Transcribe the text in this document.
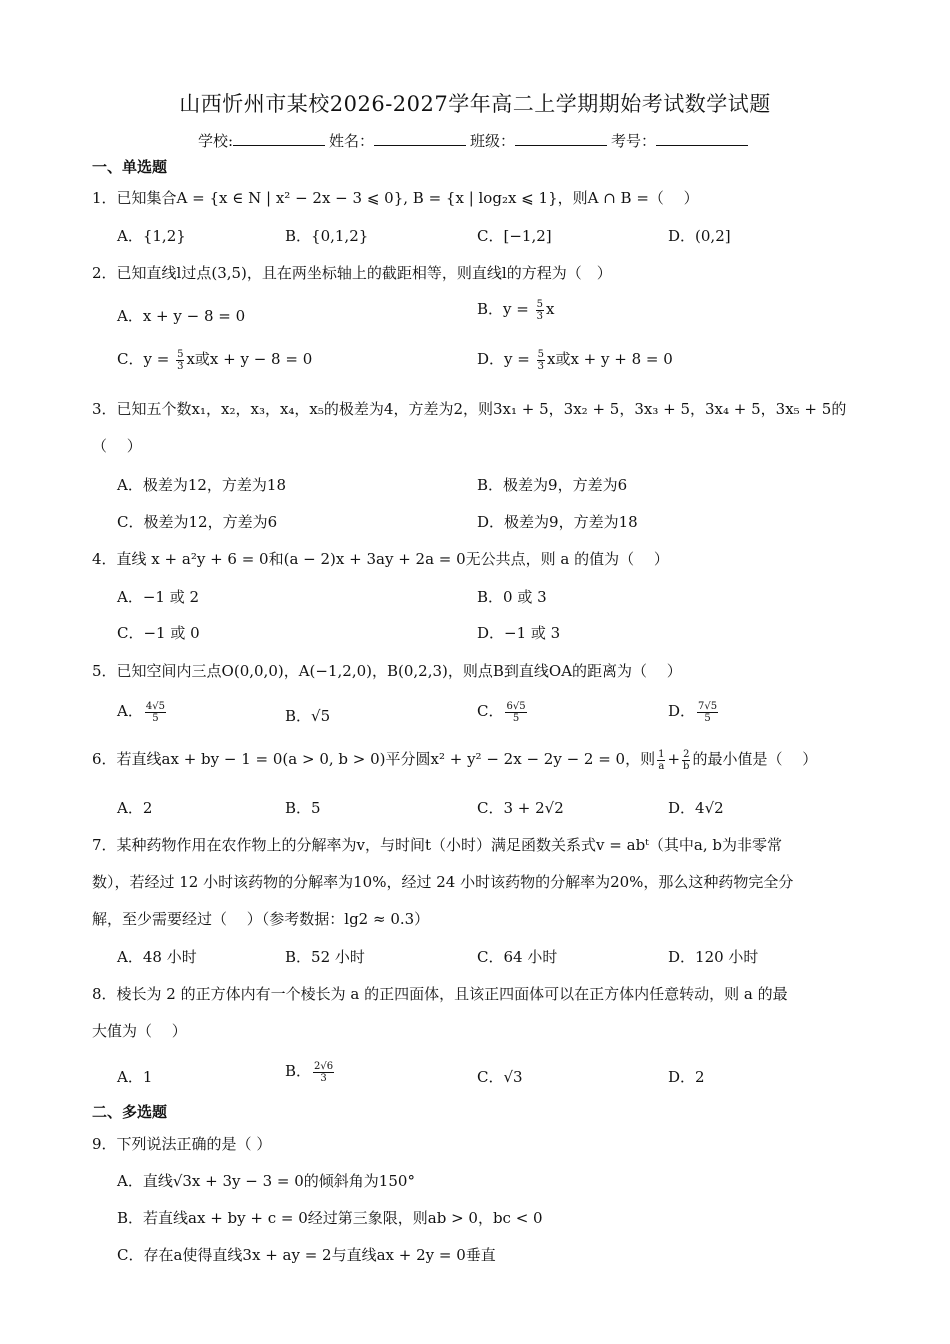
山西忻州市某校2026-2027学年高二上学期期始考试数学试题
学校:	姓名：	班级：	考号：
一、单选题
1．已知集合A = {x ∈ N | x² − 2x − 3 ⩽ 0}, B = {x | log₂x ⩽ 1}，则A ∩ B =（　 ）
A．{1,2}	B．{0,1,2}	C．[−1,2]	D．(0,2]
2．已知直线l过点(3,5)，且在两坐标轴上的截距相等，则直线l的方程为（　）
A．x + y − 8 = 0	B．$y = \frac{5}{3}$ x
C．$y = \frac{5}{3}$ x或x + y − 8 = 0	D．$y = \frac{5}{3}$ x或x + y + 8 = 0
3．已知五个数x₁，x₂，x₃，x₄，x₅的极差为4，方差为2，则3x₁ + 5，3x₂ + 5，3x₃ + 5，3x₄ + 5，3x₅ + 5的
（　 ）
A．极差为12，方差为18	B．极差为9，方差为6
C．极差为12，方差为6	D．极差为9，方差为18
4．直线 x + a²y + 6 = 0和(a − 2)x + 3ay + 2a = 0无公共点，则 a 的值为（　 ）
A．−1 或 2	B．0 或 3
C．−1 或 0	D．−1 或 3
5．已知空间内三点O(0,0,0)，A(−1,2,0)，B(0,2,3)，则点B到直线OA的距离为（　 ）
A． $\frac{4√5}{5}$	B．√5	C． $\frac{6√5}{5}$	D． $\frac{7√5}{5}$
6．若直线ax + by − 1 = 0(a > 0, b > 0)平分圆x² + y² − 2x − 2y − 2 = 0，则 $\frac{1}{a} + \frac{2}{b}$ 的最小值是（　 ）
A．2	B．5	C．3 + 2√2	D．4√2
7．某种药物作用在农作物上的分解率为v，与时间t（小时）满足函数关系式v = abᵗ（其中a, b为非零常
数），若经过 12 小时该药物的分解率为10%，经过 24 小时该药物的分解率为20%，那么这种药物完全分
解，至少需要经过（　 ）（参考数据：lg2 ≈ 0.3）
A．48 小时	B．52 小时	C．64 小时	D．120 小时
8．棱长为 2 的正方体内有一个棱长为 a 的正四面体，且该正四面体可以在正方体内任意转动，则 a 的最
大值为（　 ）
A．1	B． $\frac{2√6}{3}$	C．√3	D．2
二、多选题
9．下列说法正确的是（ ）
A．直线√3x + 3y − 3 = 0的倾斜角为150°
B．若直线ax + by + c = 0经过第三象限，则ab > 0，bc < 0
C．存在a使得直线3x + ay = 2与直线ax + 2y = 0垂直
